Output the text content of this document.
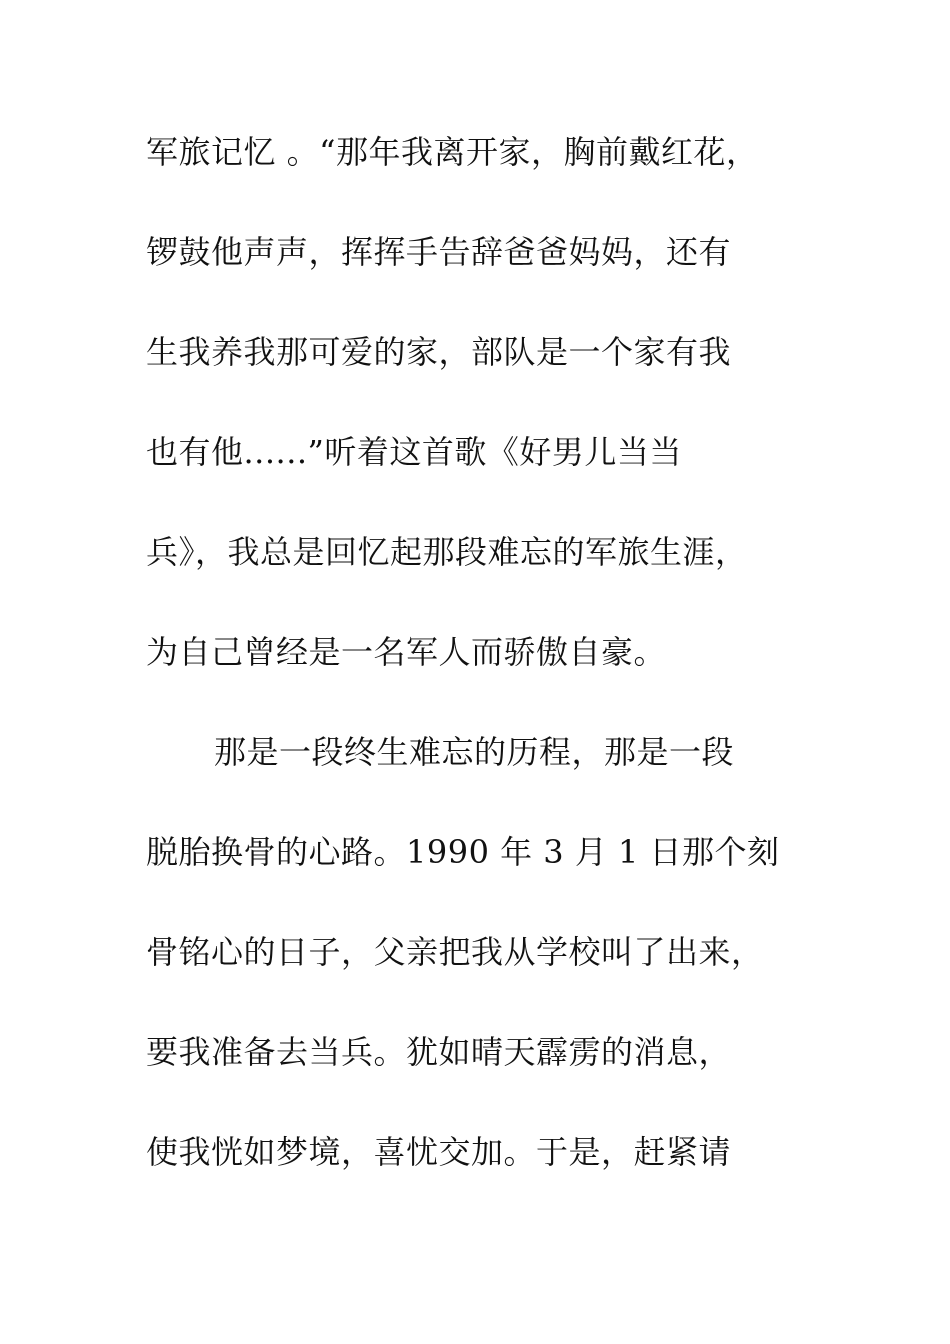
军旅记忆 。“那年我离开家，胸前戴红花，
锣鼓他声声，挥挥手告辞爸爸妈妈，还有
生我养我那可爱的家，部队是一个家有我
也有他......”听着这首歌《好男儿当当
兵》，我总是回忆起那段难忘的军旅生涯，
为自己曾经是一名军人而骄傲自豪。
那是一段终生难忘的历程，那是一段
脱胎换骨的心路。1990 年 3 月 1 日那个刻
骨铭心的日子，父亲把我从学校叫了出来，
要我准备去当兵。犹如晴天霹雳的消息，
使我恍如梦境，喜忧交加。于是，赶紧请
